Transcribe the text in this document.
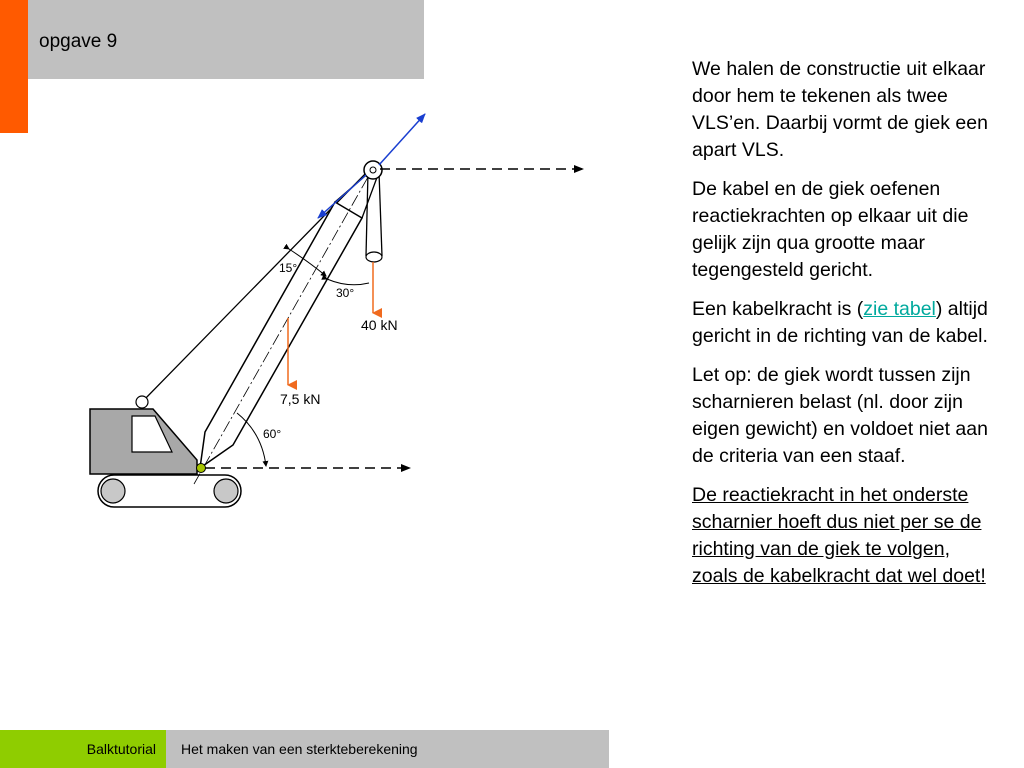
opgave 9
15°
30°
60°
40 kN
7,5 kN

We halen de constructie uit elkaar door hem te tekenen als twee VLS’en. Daarbij vormt de giek een apart VLS.

De kabel en de giek oefenen reactiekrachten op elkaar uit die gelijk zijn qua grootte maar tegengesteld gericht.

Een kabelkracht is (zie tabel) altijd gericht in de richting van de kabel.

Let op: de giek wordt tussen zijn scharnieren belast (nl. door zijn eigen gewicht) en voldoet niet aan de criteria van een staaf.

De reactiekracht in het onderste scharnier hoeft dus niet per se de richting van de giek te volgen, zoals de kabelkracht dat wel doet!

Balktutorial Het maken van een sterkteberekening
